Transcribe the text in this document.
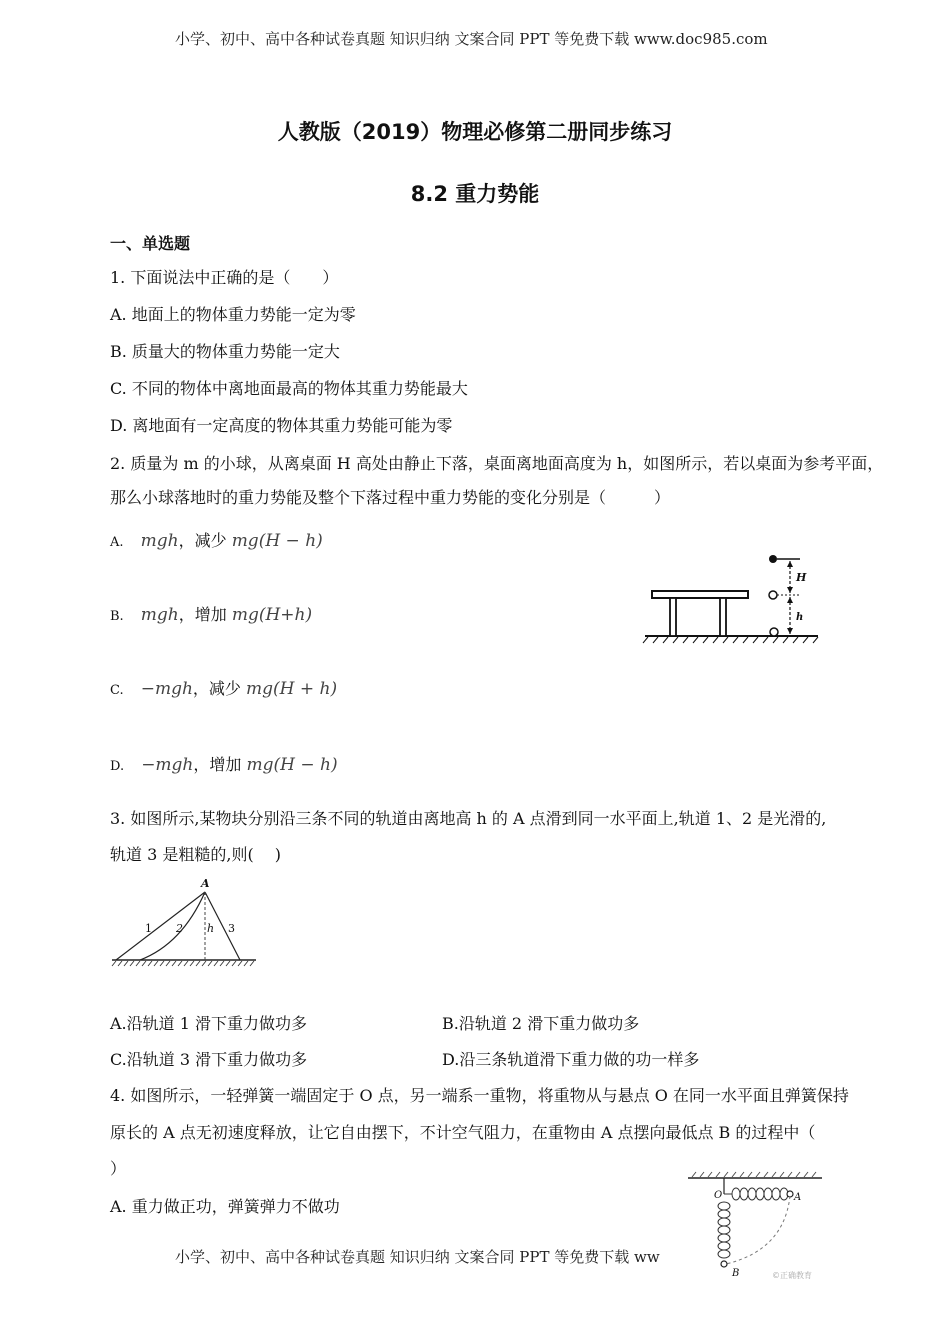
小学、初中、高中各种试卷真题 知识归纳 文案合同 PPT 等免费下载 www.doc985.com
人教版（2019）物理必修第二册同步练习
8.2 重力势能
一、单选题
1. 下面说法中正确的是（　　）
A. 地面上的物体重力势能一定为零
B. 质量大的物体重力势能一定大
C. 不同的物体中离地面最高的物体其重力势能最大
D. 离地面有一定高度的物体其重力势能可能为零
2. 质量为 m 的小球，从离桌面 H 高处由静止下落，桌面离地面高度为 h，如图所示，若以桌面为参考平面，
那么小球落地时的重力势能及整个下落过程中重力势能的变化分别是（　　　）
A. mgh，减少 mg(H − h)
B. mgh，增加 mg(H+h)
C. −mgh，减少 mg(H + h)
D. −mgh，增加 mg(H − h)
H
h
3. 如图所示,某物块分别沿三条不同的轨道由离地高 h 的 A 点滑到同一水平面上,轨道 1、2 是光滑的,
轨道 3 是粗糙的,则(　 )
A
1 2 h 3
A.沿轨道 1 滑下重力做功多	B.沿轨道 2 滑下重力做功多
C.沿轨道 3 滑下重力做功多	D.沿三条轨道滑下重力做的功一样多
4. 如图所示，一轻弹簧一端固定于 O 点，另一端系一重物，将重物从与悬点 O 在同一水平面且弹簧保持
原长的 A 点无初速度释放，让它自由摆下，不计空气阻力，在重物由 A 点摆向最低点 B 的过程中（
）
A. 重力做正功，弹簧弹力不做功
O	A
B	©正确教育
小学、初中、高中各种试卷真题 知识归纳 文案合同 PPT 等免费下载 ww
